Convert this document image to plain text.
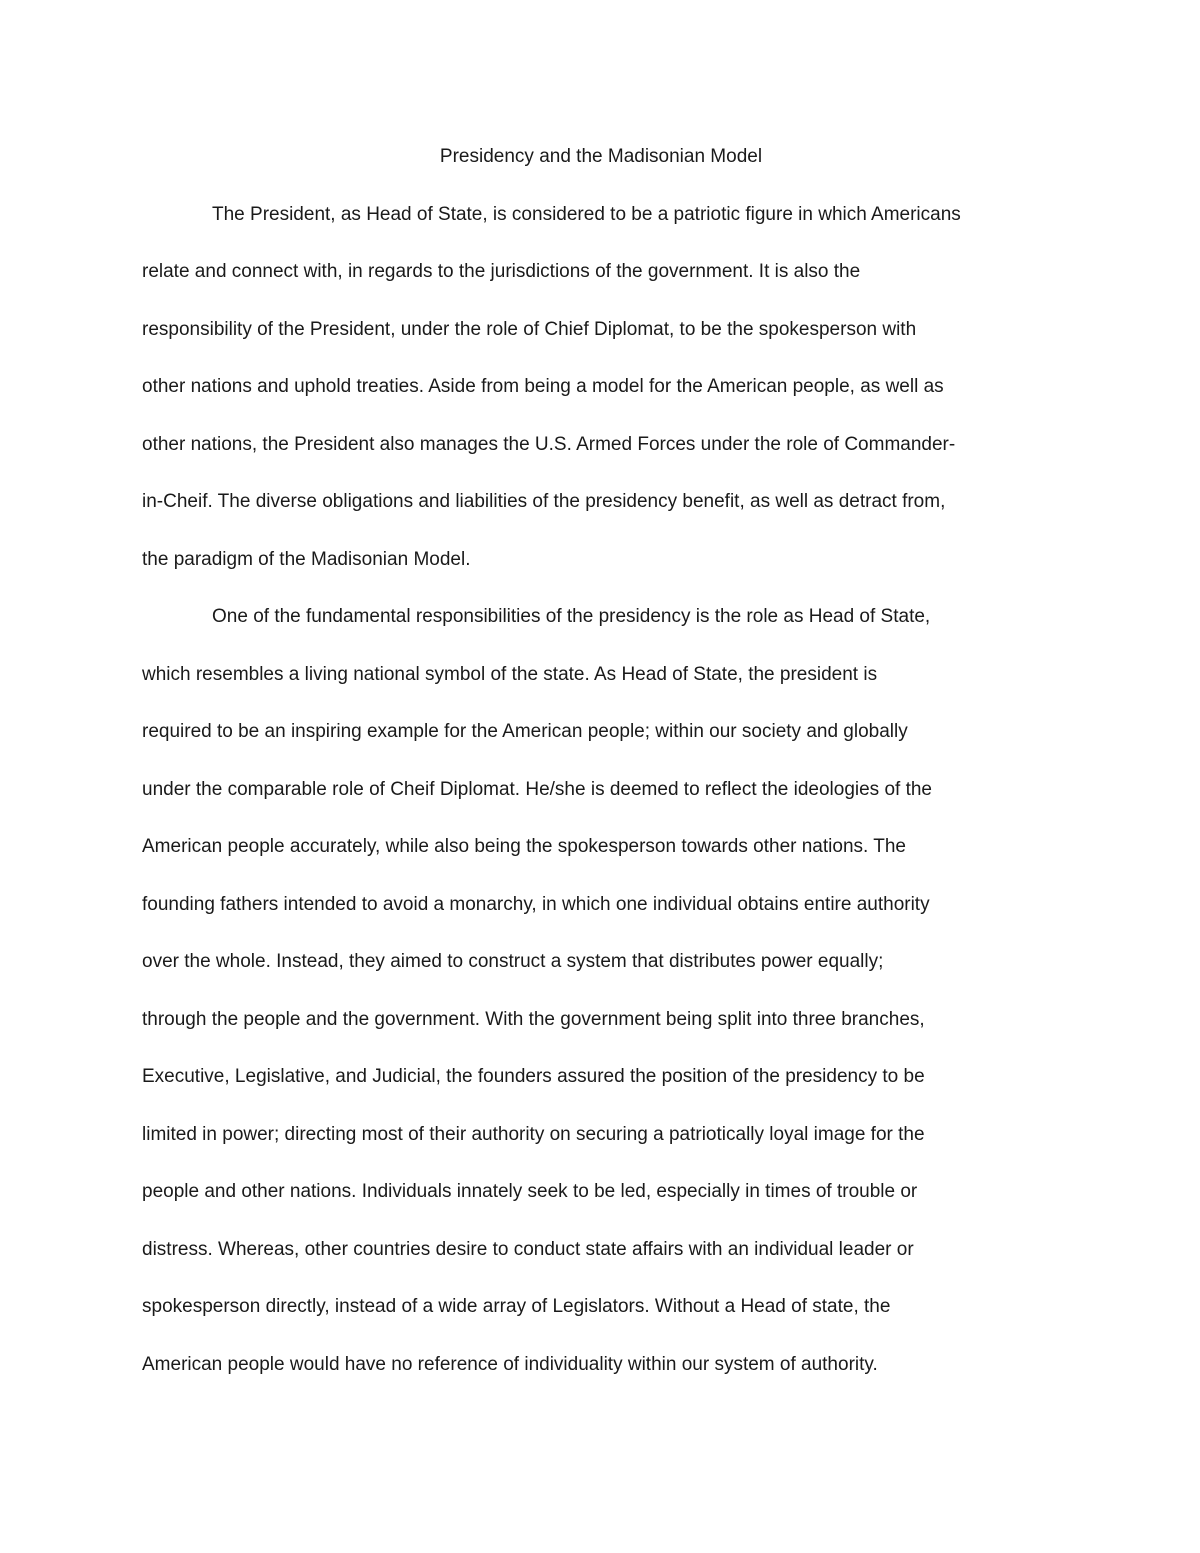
Presidency and the Madisonian Model
The President, as Head of State, is considered to be a patriotic figure in which Americans
relate and connect with, in regards to the jurisdictions of the government. It is also the
responsibility of the President, under the role of Chief Diplomat, to be the spokesperson with
other nations and uphold treaties. Aside from being a model for the American people, as well as
other nations, the President also manages the U.S. Armed Forces under the role of Commander-
in-Cheif. The diverse obligations and liabilities of the presidency benefit, as well as detract from,
the paradigm of the Madisonian Model.
One of the fundamental responsibilities of the presidency is the role as Head of State,
which resembles a living national symbol of the state. As Head of State, the president is
required to be an inspiring example for the American people; within our society and globally
under the comparable role of Cheif Diplomat. He/she is deemed to reflect the ideologies of the
American people accurately, while also being the spokesperson towards other nations. The
founding fathers intended to avoid a monarchy, in which one individual obtains entire authority
over the whole. Instead, they aimed to construct a system that distributes power equally;
through the people and the government. With the government being split into three branches,
Executive, Legislative, and Judicial, the founders assured the position of the presidency to be
limited in power; directing most of their authority on securing a patriotically loyal image for the
people and other nations. Individuals innately seek to be led, especially in times of trouble or
distress. Whereas, other countries desire to conduct state affairs with an individual leader or
spokesperson directly, instead of a wide array of Legislators. Without a Head of state, the
American people would have no reference of individuality within our system of authority.
